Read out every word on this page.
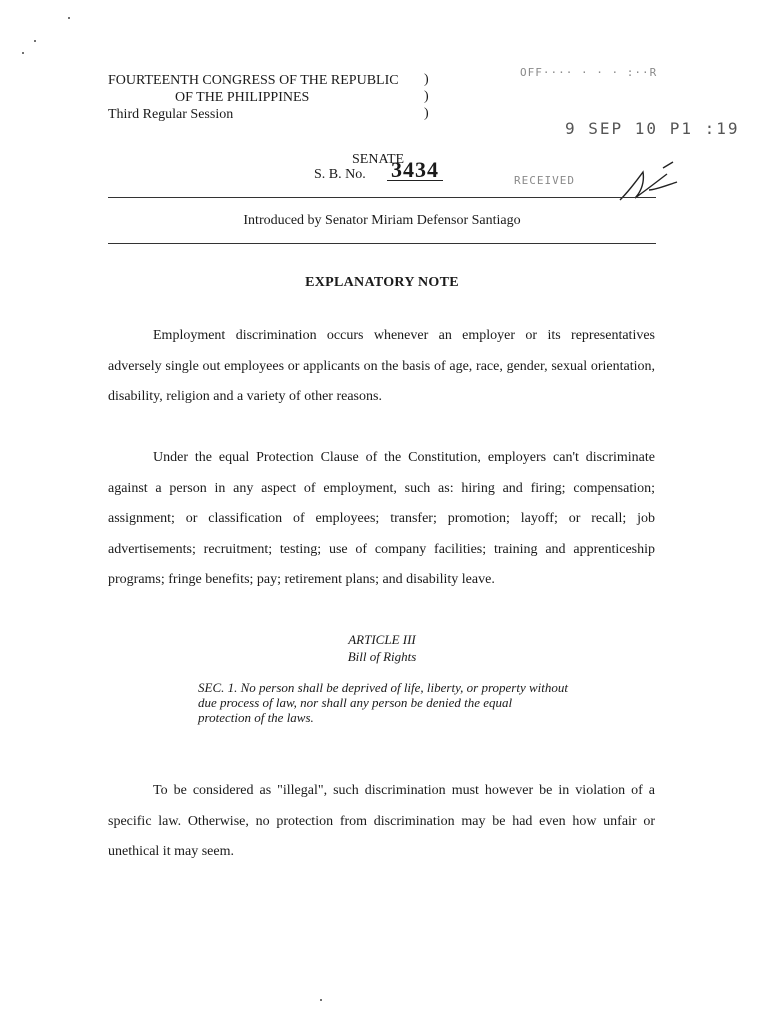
FOURTEENTH CONGRESS OF THE REPUBLIC )
OF THE PHILIPPINES	)
Third Regular Session	)
OFF···· · · · :··R
9 SEP 10 P1 :19
RECEIVED
SENATE
S. B. No. 3434
Introduced by Senator Miriam Defensor Santiago
EXPLANATORY NOTE
Employment discrimination occurs whenever an employer or its representatives adversely single out employees or applicants on the basis of age, race, gender, sexual orientation, disability, religion and a variety of other reasons.
Under the equal Protection Clause of the Constitution, employers can't discriminate against a person in any aspect of employment, such as: hiring and firing; compensation; assignment; or classification of employees; transfer; promotion; layoff; or recall; job advertisements; recruitment; testing; use of company facilities; training and apprenticeship programs; fringe benefits; pay; retirement plans; and disability leave.
ARTICLE III
Bill of Rights
SEC. 1. No person shall be deprived of life, liberty, or property without due process of law, nor shall any person be denied the equal protection of the laws.
To be considered as "illegal", such discrimination must however be in violation of a specific law. Otherwise, no protection from discrimination may be had even how unfair or unethical it may seem.
